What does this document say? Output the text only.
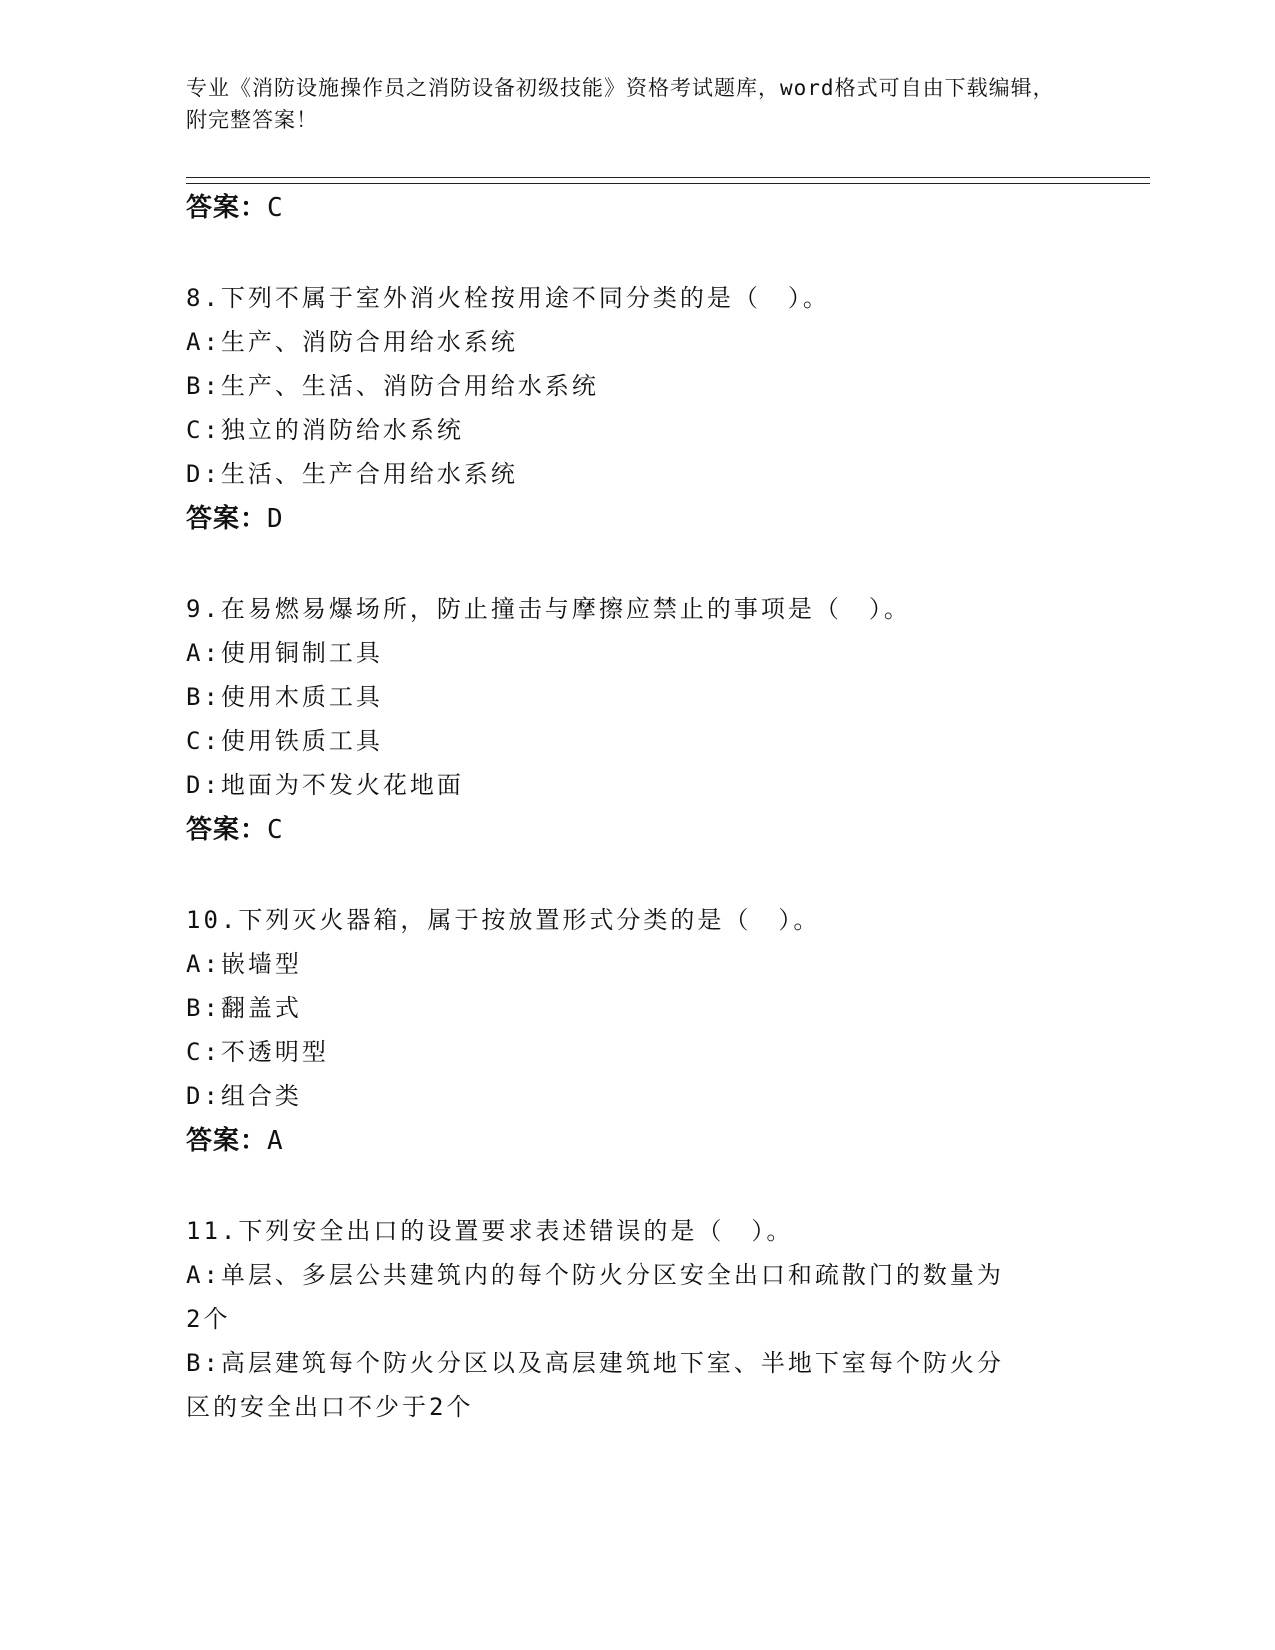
专业《消防设施操作员之消防设备初级技能》资格考试题库，word格式可自由下载编辑，附完整答案！
答案：C
8.下列不属于室外消火栓按用途不同分类的是（　）。
A:生产、消防合用给水系统
B:生产、生活、消防合用给水系统
C:独立的消防给水系统
D:生活、生产合用给水系统
答案：D
9.在易燃易爆场所，防止撞击与摩擦应禁止的事项是（　）。
A:使用铜制工具
B:使用木质工具
C:使用铁质工具
D:地面为不发火花地面
答案：C
10.下列灭火器箱，属于按放置形式分类的是（　）。
A:嵌墙型
B:翻盖式
C:不透明型
D:组合类
答案：A
11.下列安全出口的设置要求表述错误的是（　）。
A:单层、多层公共建筑内的每个防火分区安全出口和疏散门的数量为
2个
B:高层建筑每个防火分区以及高层建筑地下室、半地下室每个防火分
区的安全出口不少于2个
